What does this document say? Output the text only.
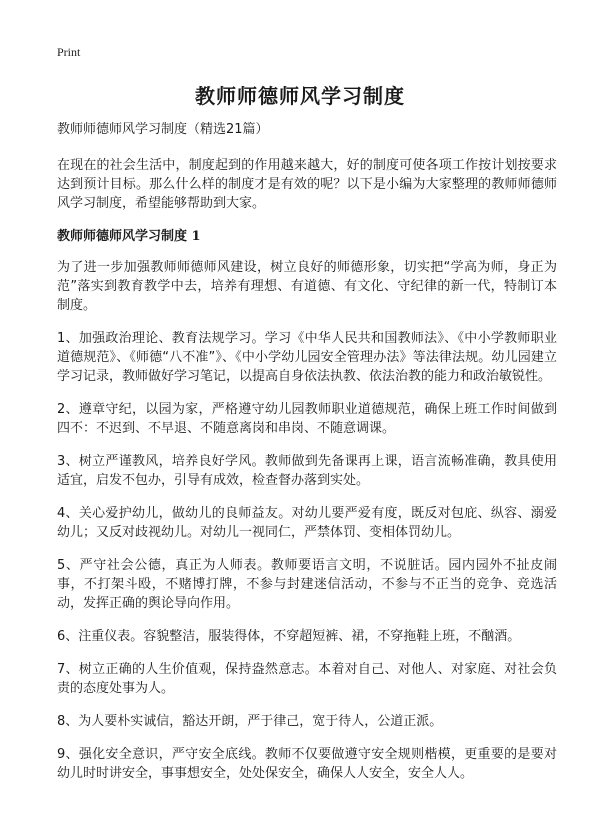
Print
教师师德师风学习制度

教师师德师风学习制度（精选21篇）

在现在的社会生活中，制度起到的作用越来越大，好的制度可使各项工作按计划按要求达到预计目标。那么什么样的制度才是有效的呢？以下是小编为大家整理的教师师德师风学习制度，希望能够帮助到大家。

教师师德师风学习制度 1

为了进一步加强教师师德师风建设，树立良好的师德形象，切实把“学高为师，身正为范”落实到教育教学中去，培养有理想、有道德、有文化、守纪律的新一代，特制订本制度。

1、加强政治理论、教育法规学习。学习《中华人民共和国教师法》、《中小学教师职业道德规范》、《师德“八不准”》、《中小学幼儿园安全管理办法》等法律法规。幼儿园建立学习记录，教师做好学习笔记，以提高自身依法执教、依法治教的能力和政治敏锐性。

2、遵章守纪，以园为家，严格遵守幼儿园教师职业道德规范，确保上班工作时间做到四不：不迟到、不早退、不随意离岗和串岗、不随意调课。

3、树立严谨教风，培养良好学风。教师做到先备课再上课，语言流畅准确，教具使用适宜，启发不包办，引导有成效，检查督办落到实处。

4、关心爱护幼儿，做幼儿的良师益友。对幼儿要严爱有度，既反对包庇、纵容、溺爱幼儿；又反对歧视幼儿。对幼儿一视同仁，严禁体罚、变相体罚幼儿。

5、严守社会公德，真正为人师表。教师要语言文明，不说脏话。园内园外不扯皮闹事，不打架斗殴，不赌博打牌，不参与封建迷信活动，不参与不正当的竞争、竞选活动，发挥正确的舆论导向作用。

6、注重仪表。容貌整洁，服装得体，不穿超短裤、裙，不穿拖鞋上班，不酗酒。

7、树立正确的人生价值观，保持盎然意志。本着对自己、对他人、对家庭、对社会负责的态度处事为人。

8、为人要朴实诚信，豁达开朗，严于律己，宽于待人，公道正派。

9、强化安全意识，严守安全底线。教师不仅要做遵守安全规则楷模，更重要的是要对幼儿时时讲安全，事事想安全，处处保安全，确保人人安全，安全人人。
